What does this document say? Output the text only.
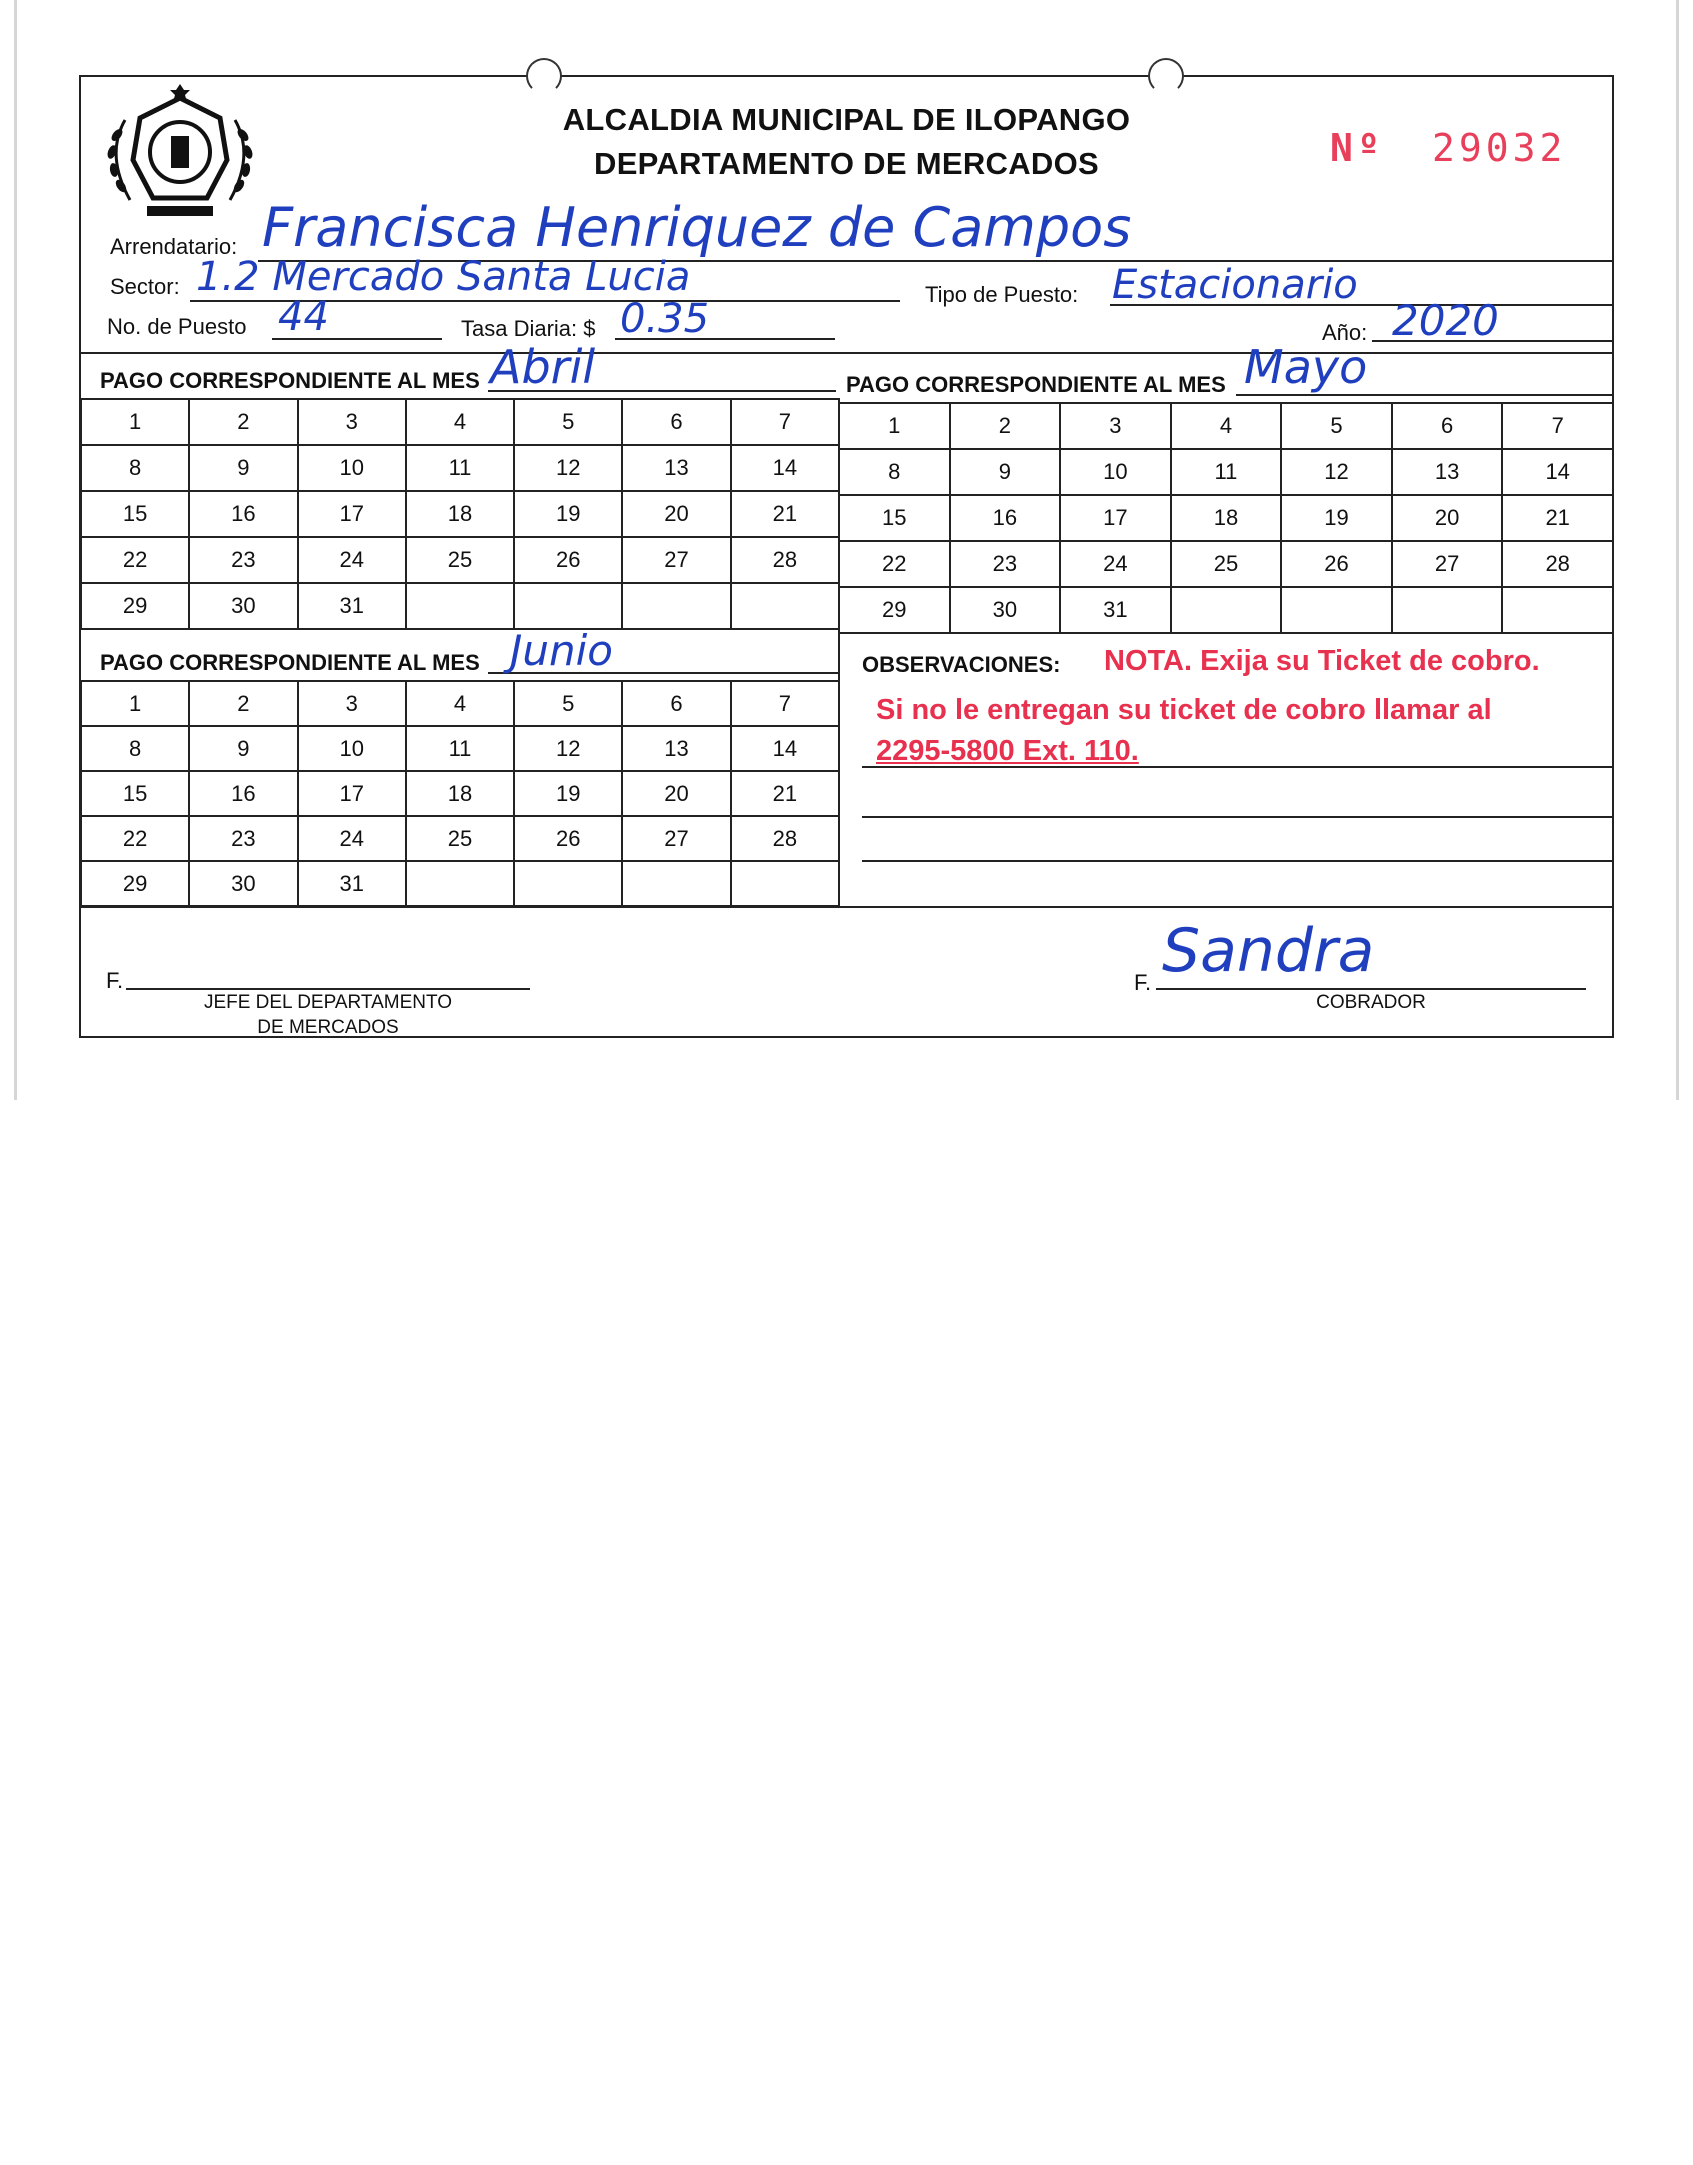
ALCALDIA MUNICIPAL DE ILOPANGO
DEPARTAMENTO DE MERCADOS	Nº 29032
Arrendatario: Francisca Henriquez de Campos
Sector: 1.2 Mercado Santa Lucia	Tipo de Puesto: Estacionario
No. de Puesto 44	Tasa Diaria: $ 0.35	Año: 2020
PAGO CORRESPONDIENTE AL MES Abril	PAGO CORRESPONDIENTE AL MES Mayo
1	2	3	4	5	6	7
8	9	10	11	12	13	14
15	16	17	18	19	20	21
22	23	24	25	26	27	28
29	30	31				
1	2	3	4	5	6	7
8	9	10	11	12	13	14
15	16	17	18	19	20	21
22	23	24	25	26	27	28
29	30	31				
PAGO CORRESPONDIENTE AL MES Junio
1	2	3	4	5	6	7
8	9	10	11	12	13	14
15	16	17	18	19	20	21
22	23	24	25	26	27	28
29	30	31				
OBSERVACIONES: NOTA. Exija su Ticket de cobro.
Si no le entregan su ticket de cobro llamar al
2295-5800 Ext. 110.
F.
JEFE DEL DEPARTAMENTO
DE MERCADOS
F. Sandra
COBRADOR
